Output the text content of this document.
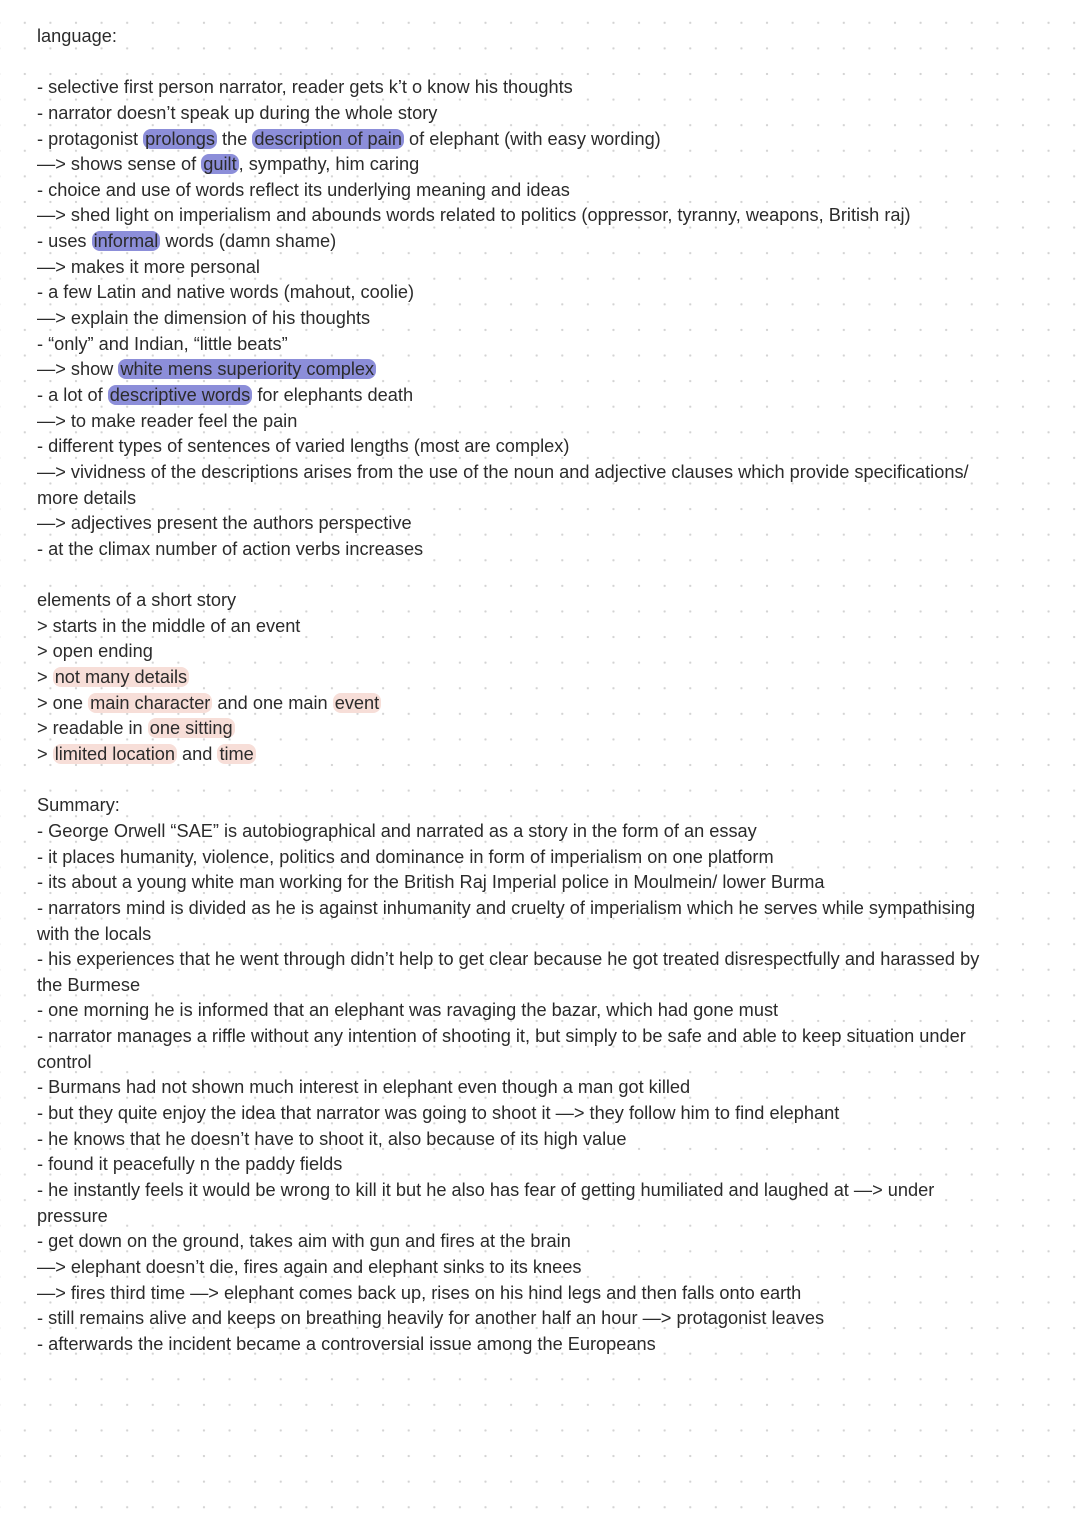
language:
- selective first person narrator, reader gets k’t o know his thoughts
- narrator doesn’t speak up during the whole story
- protagonist prolongs the description of pain of elephant (with easy wording)
—> shows sense of guilt , sympathy, him caring
- choice and use of words reflect its underlying meaning and ideas
—> shed light on imperialism and abounds words related to politics (oppressor, tyranny, weapons, British raj)
- uses informal words (damn shame)
—> makes it more personal
- a few Latin and native words (mahout, coolie)
—> explain the dimension of his thoughts
- “only” and Indian, “little beats”
—> show white mens superiority complex
- a lot of descriptive words for elephants death
—> to make reader feel the pain
- different types of sentences of varied lengths (most are complex)
—> vividness of the descriptions arises from the use of the noun and adjective clauses which provide specifications/
more details
—> adjectives present the authors perspective
- at the climax number of action verbs increases
elements of a short story
> starts in the middle of an event
> open ending
> not many details
> one main character and one main event
> readable in one sitting
> limited location and time
Summary:
- George Orwell “SAE” is autobiographical and narrated as a story in the form of an essay
- it places humanity, violence, politics and dominance in form of imperialism on one platform
- its about a young white man working for the British Raj Imperial police in Moulmein/ lower Burma
- narrators mind is divided as he is against inhumanity and cruelty of imperialism which he serves while sympathising
with the locals
- his experiences that he went through didn’t help to get clear because he got treated disrespectfully and harassed by
the Burmese
- one morning he is informed that an elephant was ravaging the bazar, which had gone must
- narrator manages a riffle without any intention of shooting it, but simply to be safe and able to keep situation under
control
- Burmans had not shown much interest in elephant even though a man got killed
- but they quite enjoy the idea that narrator was going to shoot it —> they follow him to find elephant
- he knows that he doesn’t have to shoot it, also because of its high value
- found it peacefully n the paddy fields
- he instantly feels it would be wrong to kill it but he also has fear of getting humiliated and laughed at —> under
pressure
- get down on the ground, takes aim with gun and fires at the brain
—> elephant doesn’t die, fires again and elephant sinks to its knees
—> fires third time —> elephant comes back up, rises on his hind legs and then falls onto earth
- still remains alive and keeps on breathing heavily for another half an hour —> protagonist leaves
- afterwards the incident became a controversial issue among the Europeans
